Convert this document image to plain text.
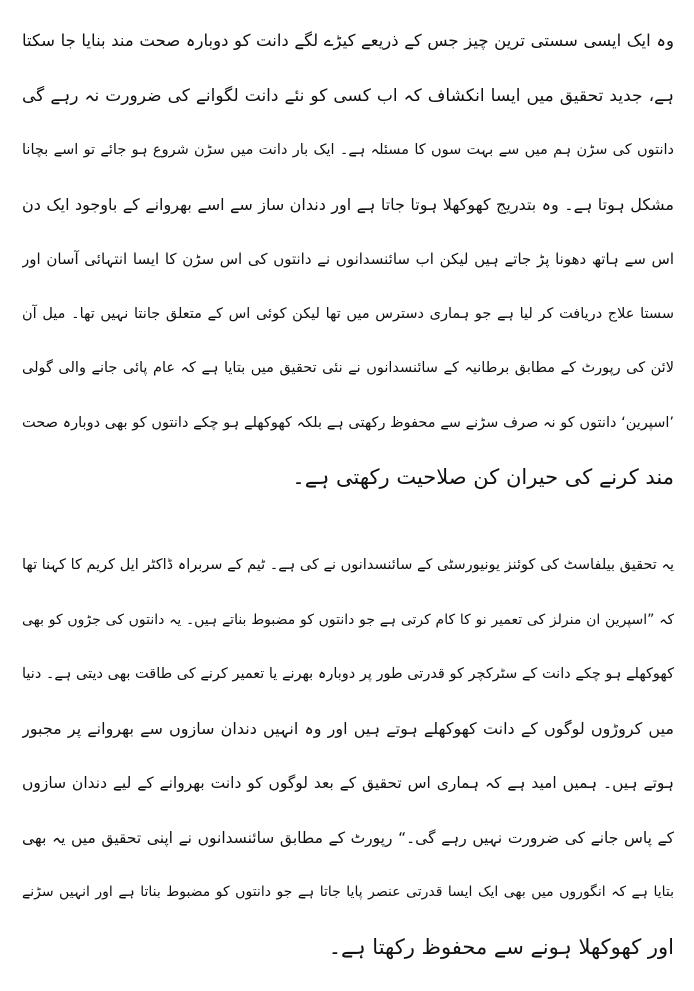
وہ ایک ایسی سستی ترین چیز جس کے ذریعے کیڑے لگے دانت کو دوبارہ صحت مند بنایا جا سکتا
ہے، جدید تحقیق میں ایسا انکشاف کہ اب کسی کو نئے دانت لگوانے کی ضرورت نہ رہے گی
دانتوں کی سڑن ہم میں سے بہت سوں کا مسئلہ ہے۔ ایک بار دانت میں سڑن شروع ہو جائے تو اسے بچانا
مشکل ہوتا ہے۔ وہ بتدریج کھوکھلا ہوتا جاتا ہے اور دندان ساز سے اسے بھروانے کے باوجود ایک دن
اس سے ہاتھ دھونا پڑ جاتے ہیں لیکن اب سائنسدانوں نے دانتوں کی اس سڑن کا ایسا انتہائی آسان اور
سستا علاج دریافت کر لیا ہے جو ہماری دسترس میں تھا لیکن کوئی اس کے متعلق جانتا نہیں تھا۔ میل آن
لائن کی رپورٹ کے مطابق برطانیہ کے سائنسدانوں نے نئی تحقیق میں بتایا ہے کہ عام پائی جانے والی گولی
’اسپرین‘ دانتوں کو نہ صرف سڑنے سے محفوظ رکھتی ہے بلکہ کھوکھلے ہو چکے دانتوں کو بھی دوبارہ صحت
مند کرنے کی حیران کن صلاحیت رکھتی ہے۔
یہ تحقیق بیلفاسٹ کی کوئنز یونیورسٹی کے سائنسدانوں نے کی ہے۔ ٹیم کے سربراہ ڈاکٹر ایل کریم کا کہنا تھا
کہ ”اسپرین ان منرلز کی تعمیر نو کا کام کرتی ہے جو دانتوں کو مضبوط بناتے ہیں۔ یہ دانتوں کی جڑوں کو بھی
کھوکھلے ہو چکے دانت کے سٹرکچر کو قدرتی طور پر دوبارہ بھرنے یا تعمیر کرنے کی طاقت بھی دیتی ہے۔ دنیا
میں کروڑوں لوگوں کے دانت کھوکھلے ہوتے ہیں اور وہ انہیں دندان سازوں سے بھروانے پر مجبور
ہوتے ہیں۔ ہمیں امید ہے کہ ہماری اس تحقیق کے بعد لوگوں کو دانت بھروانے کے لیے دندان سازوں
کے پاس جانے کی ضرورت نہیں رہے گی۔“ رپورٹ کے مطابق سائنسدانوں نے اپنی تحقیق میں یہ بھی
بتایا ہے کہ انگوروں میں بھی ایک ایسا قدرتی عنصر پایا جاتا ہے جو دانتوں کو مضبوط بناتا ہے اور انہیں سڑنے
اور کھوکھلا ہونے سے محفوظ رکھتا ہے۔
